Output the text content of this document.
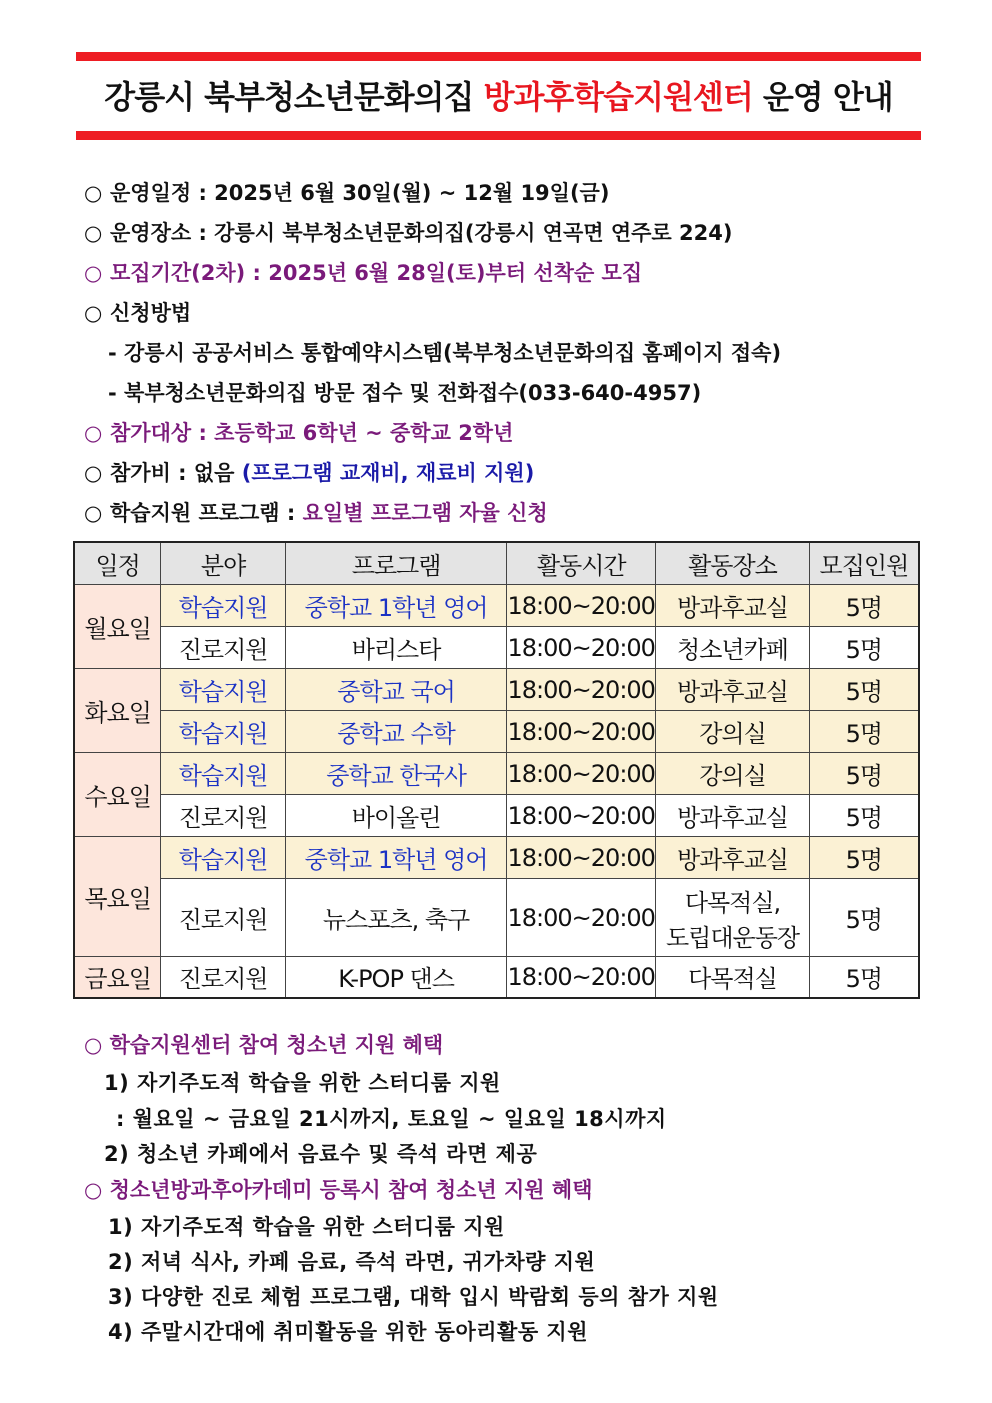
강릉시 북부청소년문화의집 방과후학습지원센터 운영 안내
○ 운영일정 : 2025년 6월 30일(월) ~ 12월 19일(금)
○ 운영장소 : 강릉시 북부청소년문화의집(강릉시 연곡면 연주로 224)
○ 모집기간(2차) : 2025년 6월 28일(토)부터 선착순 모집
○ 신청방법
- 강릉시 공공서비스 통합예약시스템(북부청소년문화의집 홈페이지 접속)
- 북부청소년문화의집 방문 접수 및 전화접수(033-640-4957)
○ 참가대상 : 초등학교 6학년 ~ 중학교 2학년
○ 참가비 : 없음 (프로그램 교재비, 재료비 지원)
○ 학습지원 프로그램 : 요일별 프로그램 자율 신청
일정	분야	프로그램	활동시간	활동장소	모집인원
월요일	학습지원	중학교 1학년 영어	18:00~20:00	방과후교실	5명
	진로지원	바리스타	18:00~20:00	청소년카페	5명
화요일	학습지원	중학교 국어	18:00~20:00	방과후교실	5명
	학습지원	중학교 수학	18:00~20:00	강의실	5명
수요일	학습지원	중학교 한국사	18:00~20:00	강의실	5명
	진로지원	바이올린	18:00~20:00	방과후교실	5명
목요일	학습지원	중학교 1학년 영어	18:00~20:00	방과후교실	5명
	진로지원	뉴스포츠, 축구	18:00~20:00	다목적실,
도립대운동장	5명
금요일	진로지원	K-POP 댄스	18:00~20:00	다목적실	5명
○ 학습지원센터 참여 청소년 지원 혜택
1) 자기주도적 학습을 위한 스터디룸 지원
: 월요일 ~ 금요일 21시까지, 토요일 ~ 일요일 18시까지
2) 청소년 카페에서 음료수 및 즉석 라면 제공
○ 청소년방과후아카데미 등록시 참여 청소년 지원 혜택
1) 자기주도적 학습을 위한 스터디룸 지원
2) 저녁 식사, 카페 음료, 즉석 라면, 귀가차량 지원
3) 다양한 진로 체험 프로그램, 대학 입시 박람회 등의 참가 지원
4) 주말시간대에 취미활동을 위한 동아리활동 지원
